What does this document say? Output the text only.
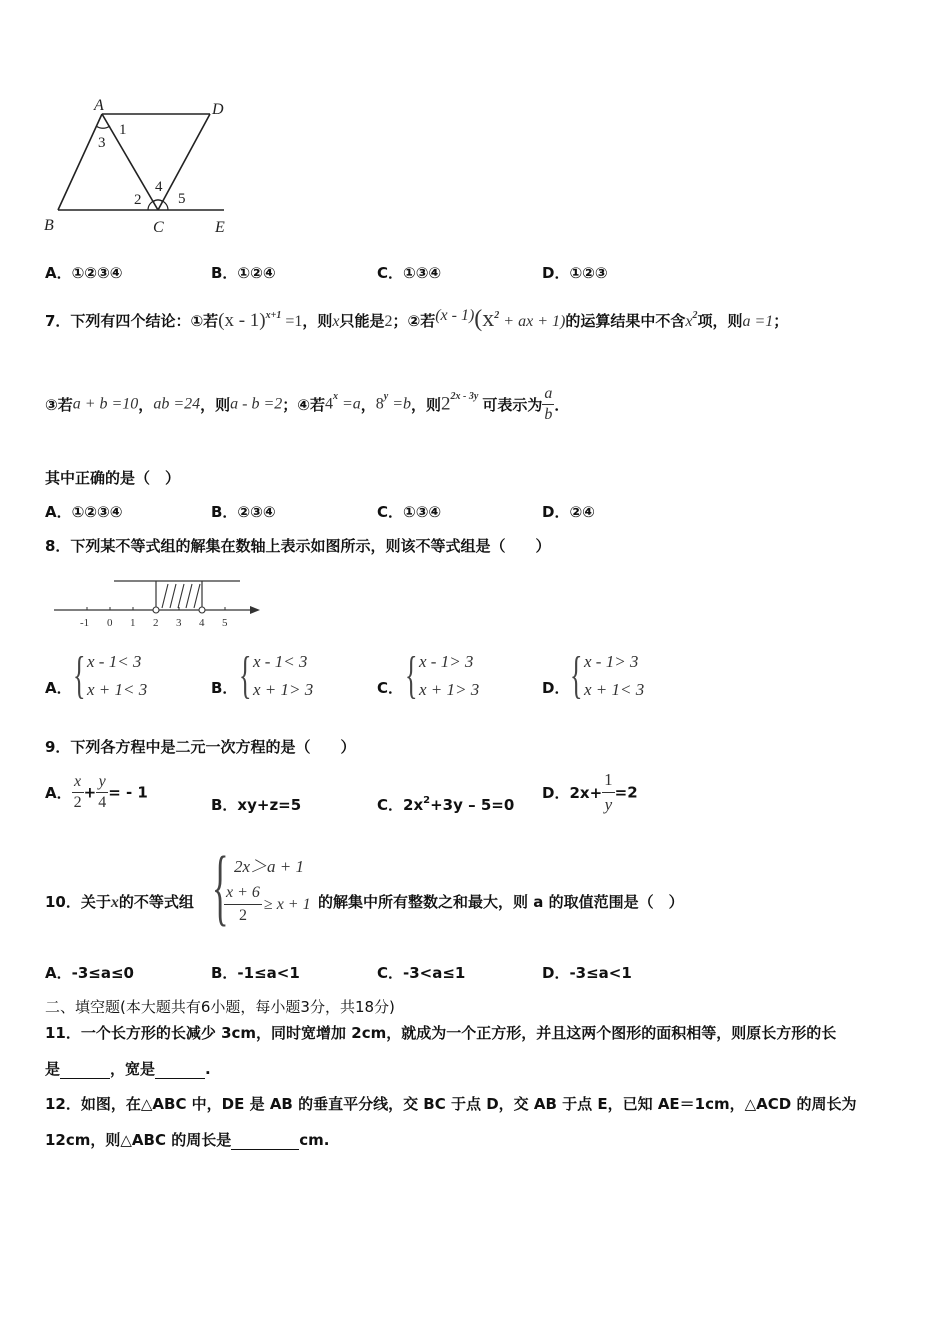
A	D
B	C	E
1
3
2
4
5
A．①②③④	B．①②④	C．①③④	D．①②③
7．下列有四个结论：①若(x - 1)$^{x+1}$ =1，则x只能是2；②若$(x - 1)(x^2$ + ax + 1)的运算结果中不含$x^2$项，则a =1；
③若a + b =10，ab =24，则a - b =2；④若$4^x =a$，$8^y =b$，则$2^{2x - 3y}$ 可表示为 $\frac{a}{b}$ ．
其中正确的是（　）
A．①②③④	B．②③④	C．①③④	D．②④
8．下列某不等式组的解集在数轴上表示如图所示，则该不等式组是（　　）
-1 0 1 2 3 4 5
A． { x - 1< 3
x + 1< 3	B． { x - 1< 3
x + 1> 3	C． { x - 1> 3
x + 1> 3	D． { x - 1> 3
x + 1< 3
9．下列各方程中是二元一次方程的是（　　）
A． $\frac{x}{2} + \frac{y}{4}$ = - 1
B．xy+z=5	C．$2x^2+3y - 5=0$
D．$2x+ \frac{1}{y} =2$
10．关于x的不等式组 { 2x＞a + 1
$\frac{x + 6}{2} \ge x + 1$ 的解集中所有整数之和最大，则 a 的取值范围是（　）
A．-3≤a≤0	B．-1≤a<1	C．-3<a≤1	D．-3≤a<1
二、填空题(本大题共有6小题，每小题3分，共18分)
11．一个长方形的长减少 3cm，同时宽增加 2cm，就成为一个正方形，并且这两个图形的面积相等，则原长方形的长
是	，宽是	.
12．如图，在△ABC 中，DE 是 AB 的垂直平分线，交 BC 于点 D，交 AB 于点 E，已知 AE＝1cm，△ACD 的周长为
12cm，则△ABC 的周长是	cm.
